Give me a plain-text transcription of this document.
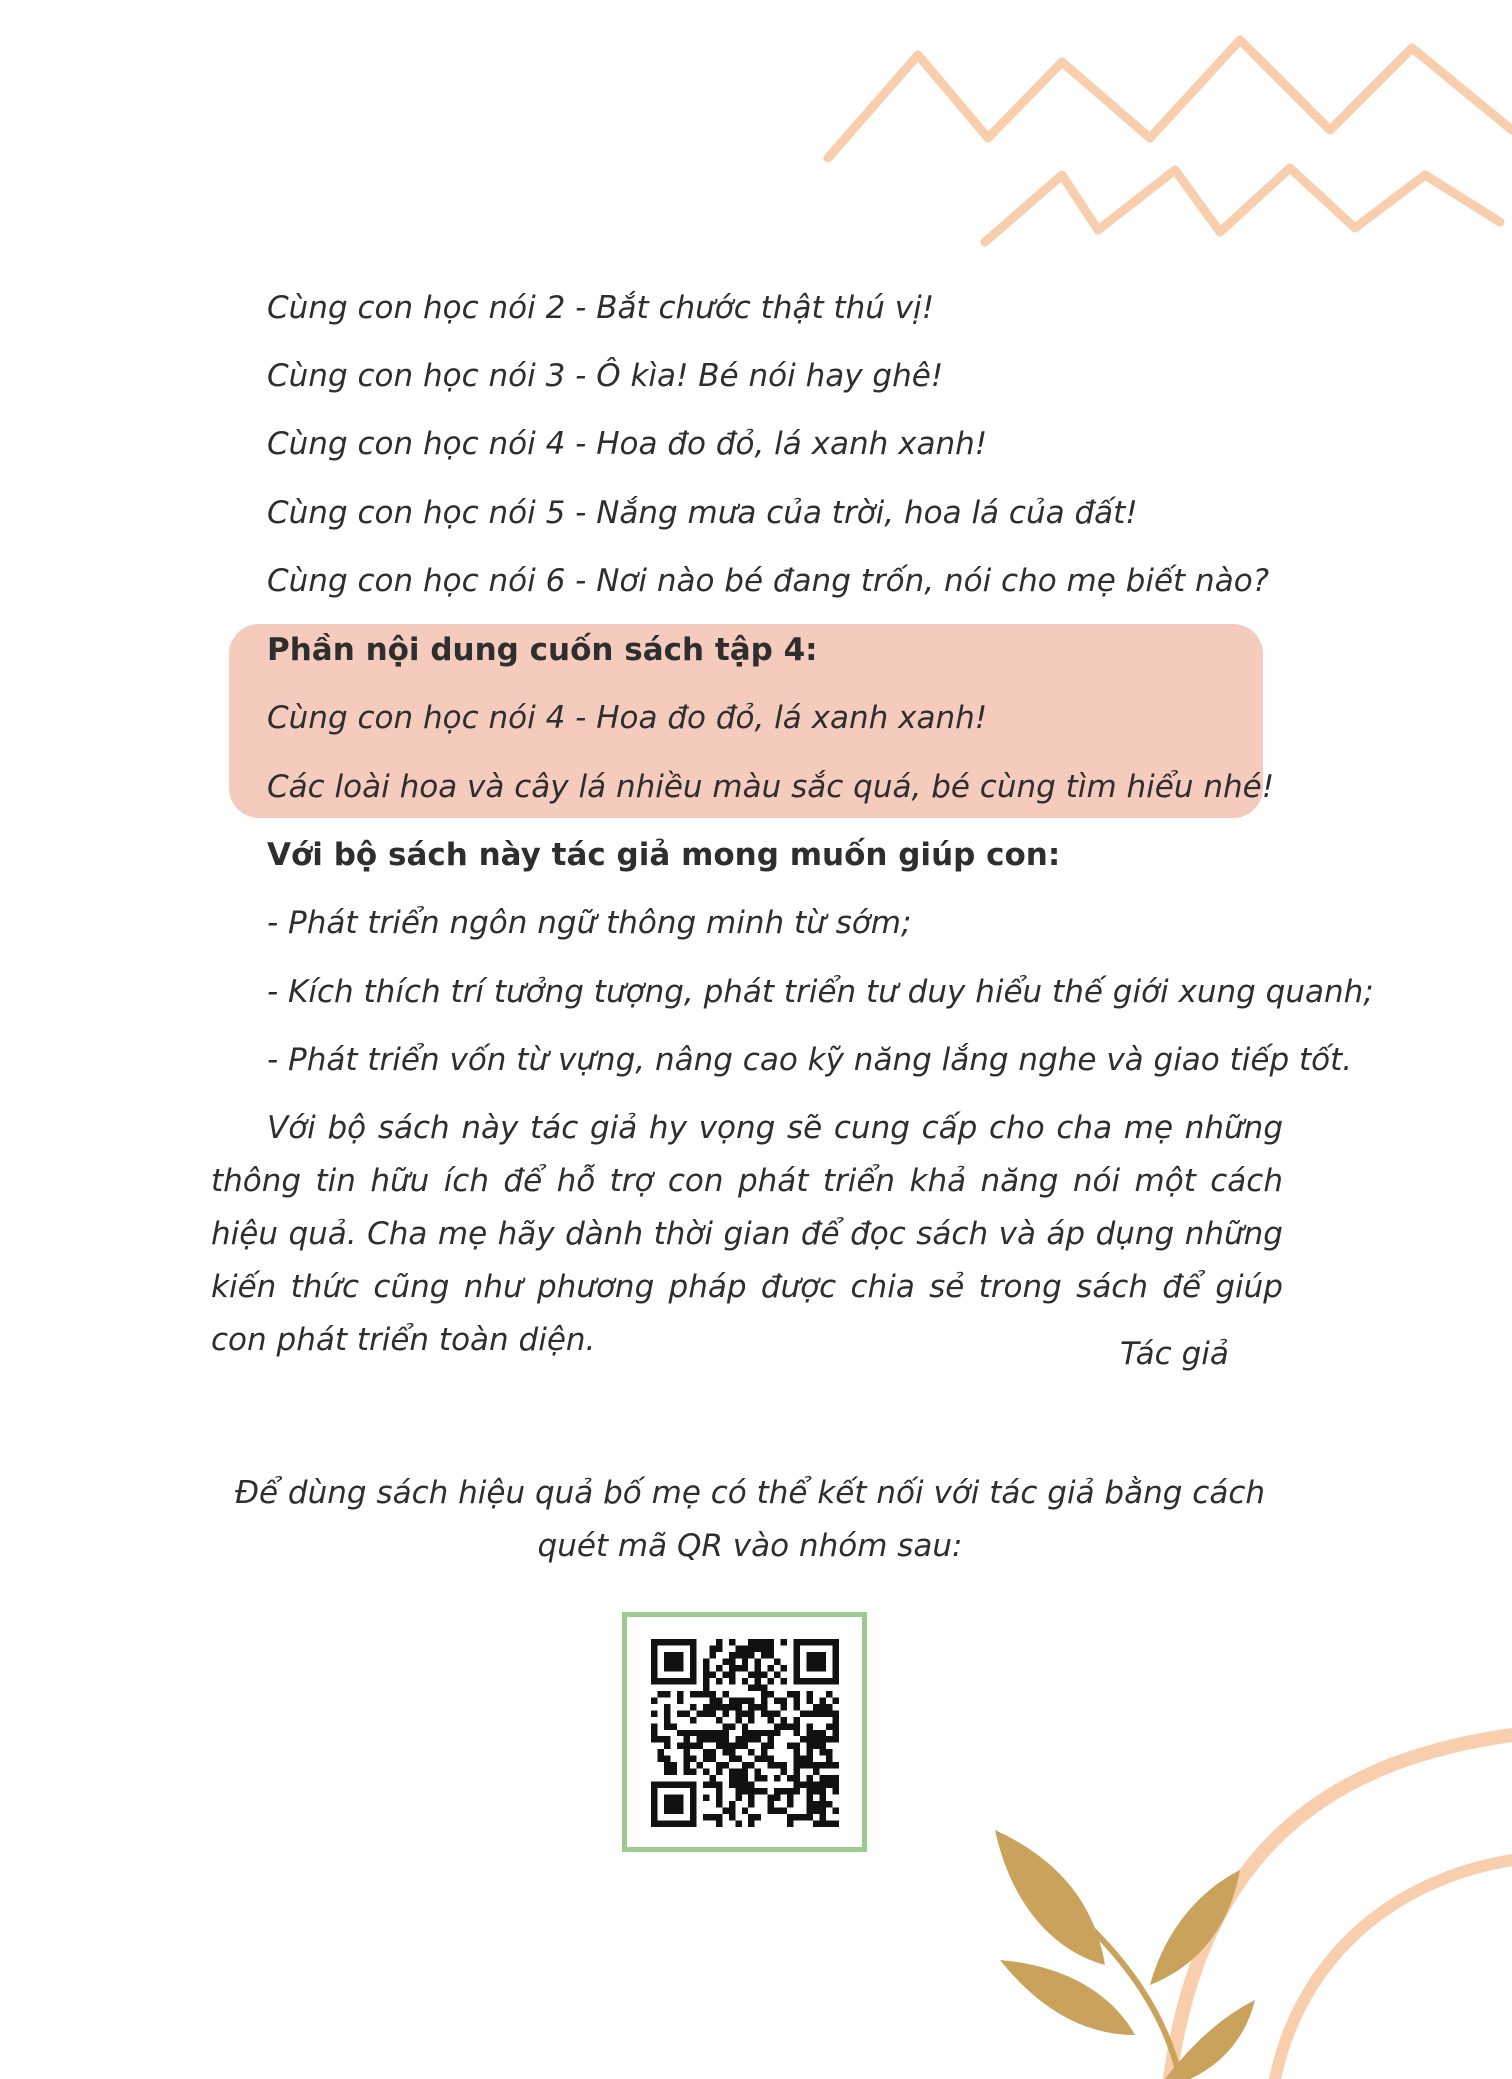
Cùng con học nói 2 - Bắt chước thật thú vị!

Cùng con học nói 3 - Ô kìa! Bé nói hay ghê!

Cùng con học nói 4 - Hoa đo đỏ, lá xanh xanh!

Cùng con học nói 5 - Nắng mưa của trời, hoa lá của đất!

Cùng con học nói 6 - Nơi nào bé đang trốn, nói cho mẹ biết nào?

Phần nội dung cuốn sách tập 4:

Cùng con học nói 4 - Hoa đo đỏ, lá xanh xanh!

Các loài hoa và cây lá nhiều màu sắc quá, bé cùng tìm hiểu nhé!

Với bộ sách này tác giả mong muốn giúp con:

- Phát triển ngôn ngữ thông minh từ sớm;

- Kích thích trí tưởng tượng, phát triển tư duy hiểu thế giới xung quanh;

- Phát triển vốn từ vựng, nâng cao kỹ năng lắng nghe và giao tiếp tốt.

Với bộ sách này tác giả hy vọng sẽ cung cấp cho cha mẹ những thông tin hữu ích để hỗ trợ con phát triển khả năng nói một cách hiệu quả. Cha mẹ hãy dành thời gian để đọc sách và áp dụng những kiến thức cũng như phương pháp được chia sẻ trong sách để giúp con phát triển toàn diện.	Tác giả

Để dùng sách hiệu quả bố mẹ có thể kết nối với tác giả bằng cách
quét mã QR vào nhóm sau:
